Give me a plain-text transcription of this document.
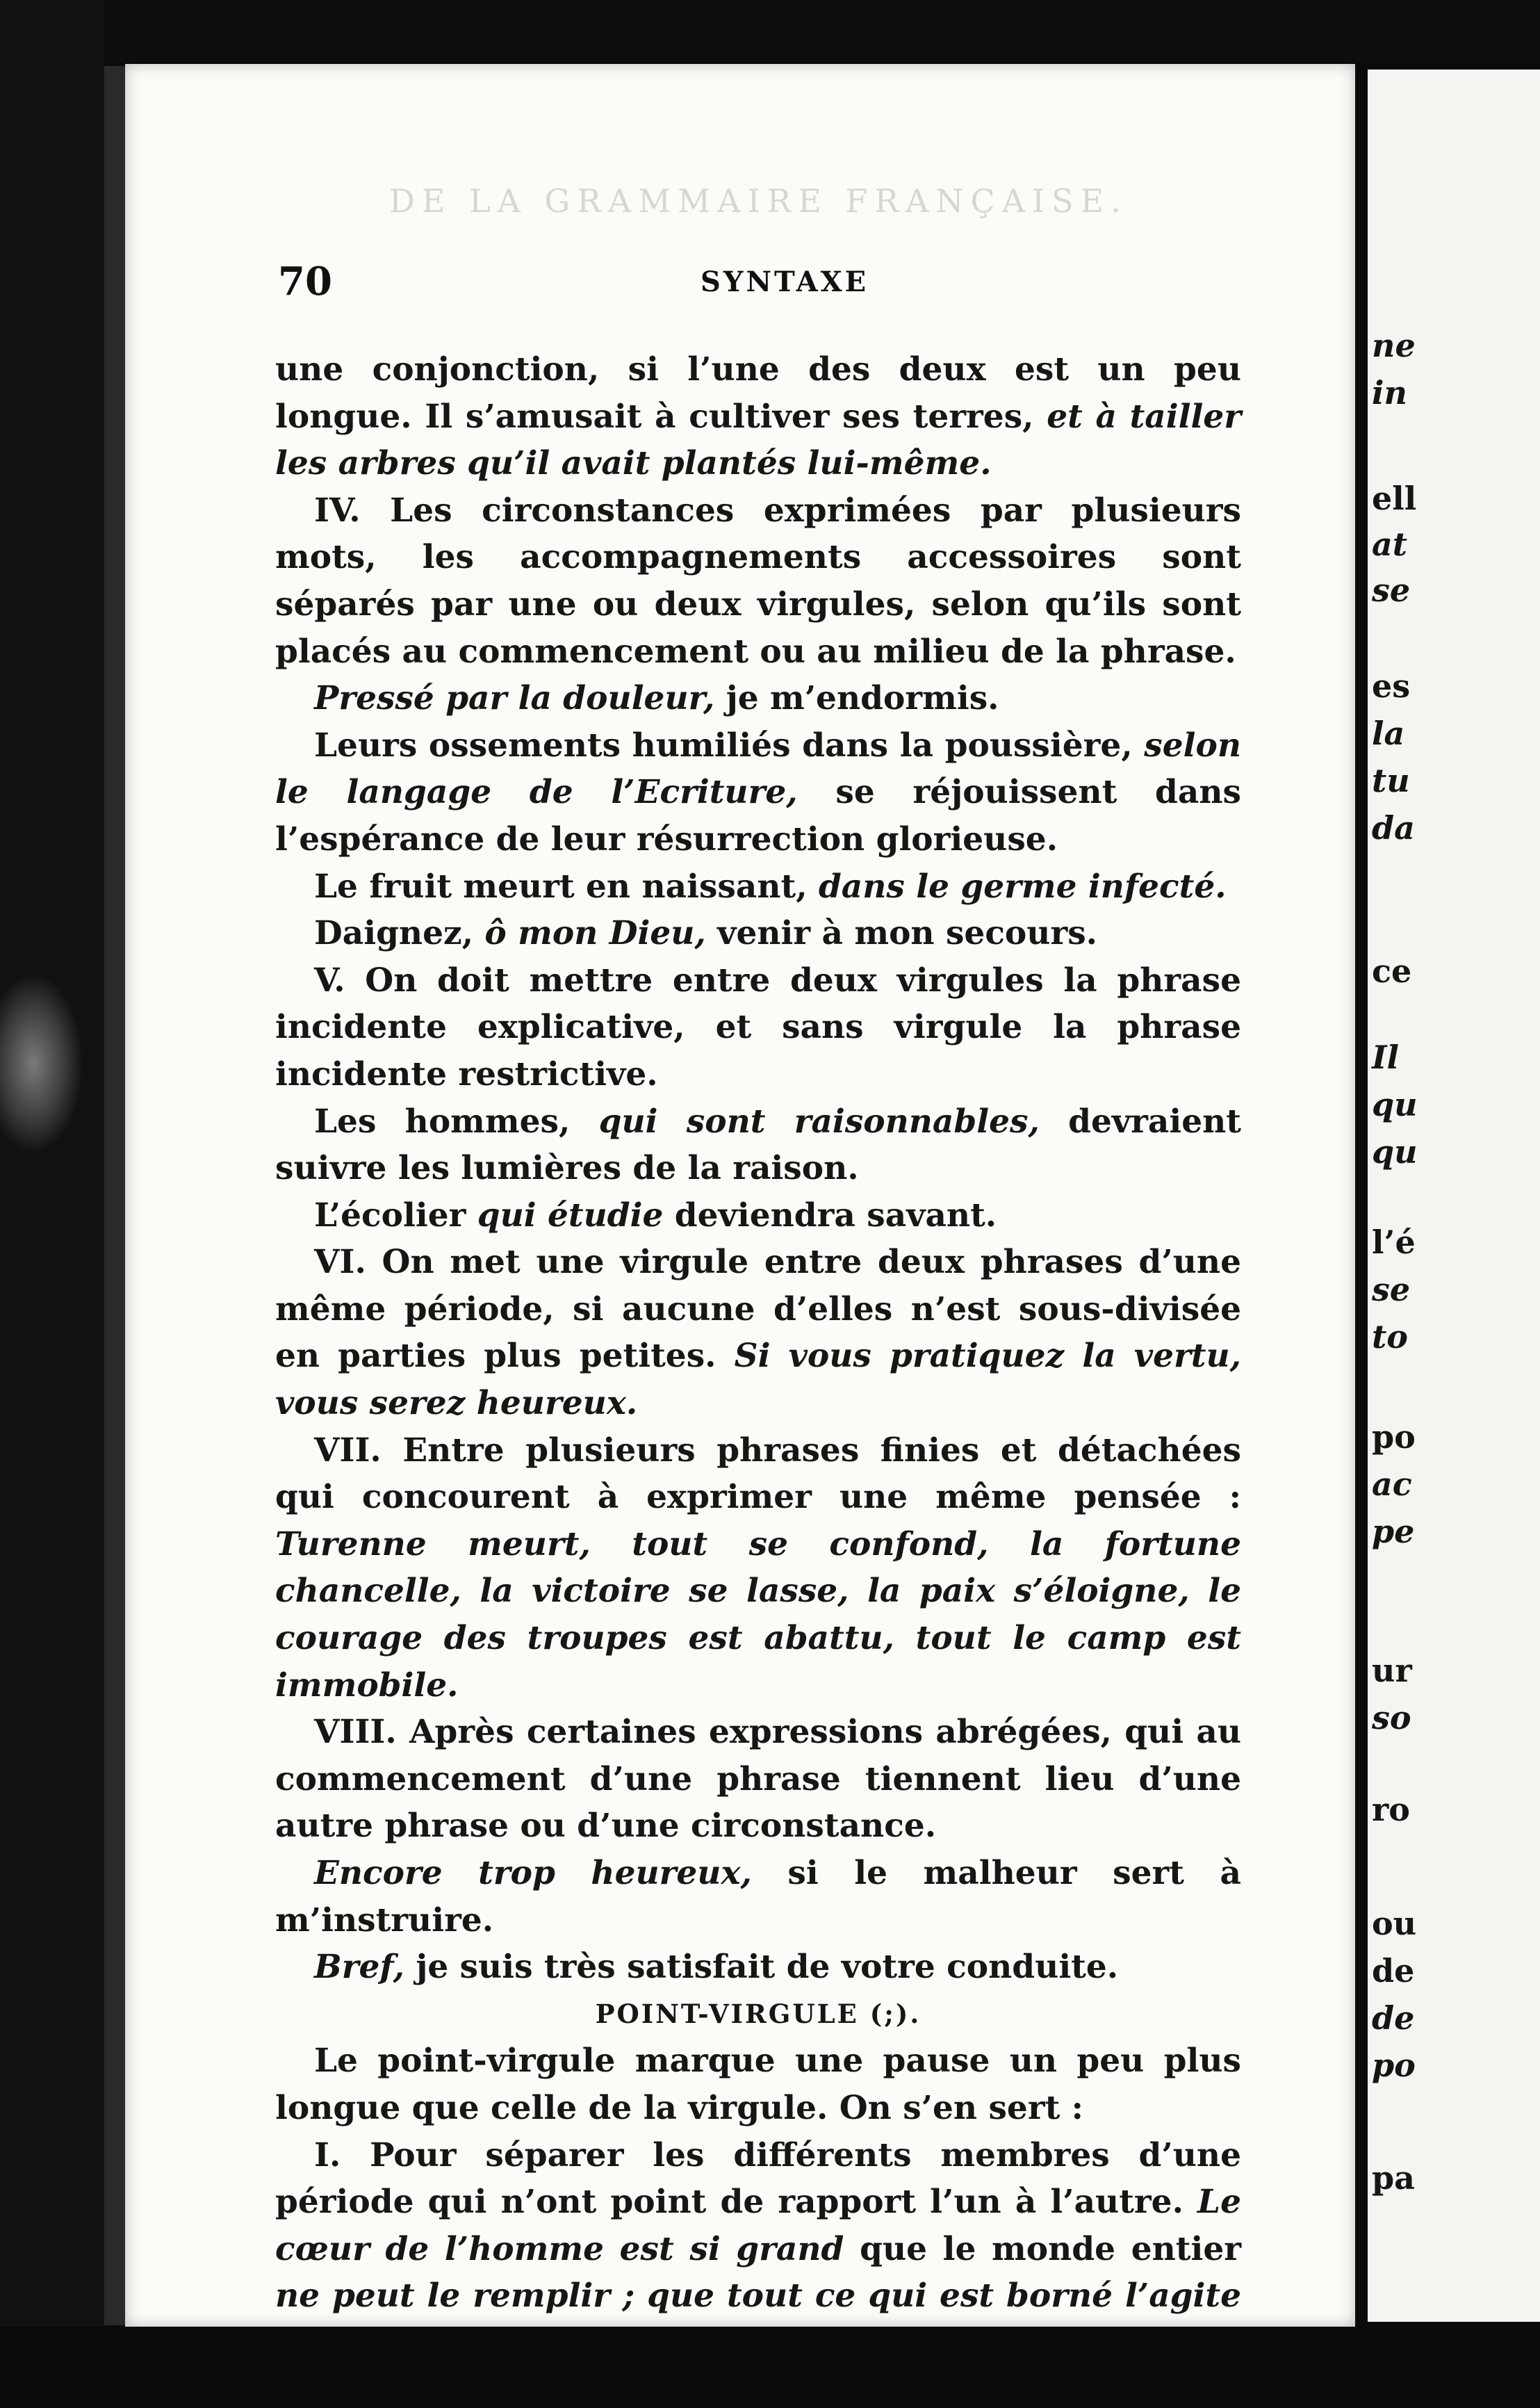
DE LA GRAMMAIRE FRANÇAISE.
70	SYNTAXE

une conjonction, si l’une des deux est un peu longue. Il s’amusait à cultiver ses terres, et à tailler les arbres qu’il avait plantés lui-même.

IV. Les circonstances exprimées par plusieurs mots, les accompagnements accessoires sont séparés par une ou deux virgules, selon qu’ils sont placés au commencement ou au milieu de la phrase.

Pressé par la douleur, je m’endormis.

Leurs ossements humiliés dans la poussière, selon le langage de l’Ecriture, se réjouissent dans l’espérance de leur résurrection glorieuse.

Le fruit meurt en naissant, dans le germe infecté.

Daignez, ô mon Dieu, venir à mon secours.

V. On doit mettre entre deux virgules la phrase incidente explicative, et sans virgule la phrase incidente restrictive.

Les hommes, qui sont raisonnables, devraient suivre les lumières de la raison.

L’écolier qui étudie deviendra savant.

VI. On met une virgule entre deux phrases d’une même période, si aucune d’elles n’est sous-divisée en parties plus petites. Si vous pratiquez la vertu, vous serez heureux.

VII. Entre plusieurs phrases finies et détachées qui concourent à exprimer une même pensée : Turenne meurt, tout se confond, la fortune chancelle, la victoire se lasse, la paix s’éloigne, le courage des troupes est abattu, tout le camp est immobile.

VIII. Après certaines expressions abrégées, qui au commencement d’une phrase tiennent lieu d’une autre phrase ou d’une circonstance.

Encore trop heureux, si le malheur sert à m’instruire.

Bref, je suis très satisfait de votre conduite.

POINT-VIRGULE (;).

Le point-virgule marque une pause un peu plus longue que celle de la virgule. On s’en sert :

I. Pour séparer les différents membres d’une période qui n’ont point de rapport l’un à l’autre. Le cœur de l’homme est si grand que le monde entier ne peut le remplir ; que tout ce qui est borné l’agite

ne
in
ell
at
se
es
la
tu
da
ce
Il
qu
qu
l’é
se
to
po
ac
pe
ur
so
ro
ou
de
de
po
pa
